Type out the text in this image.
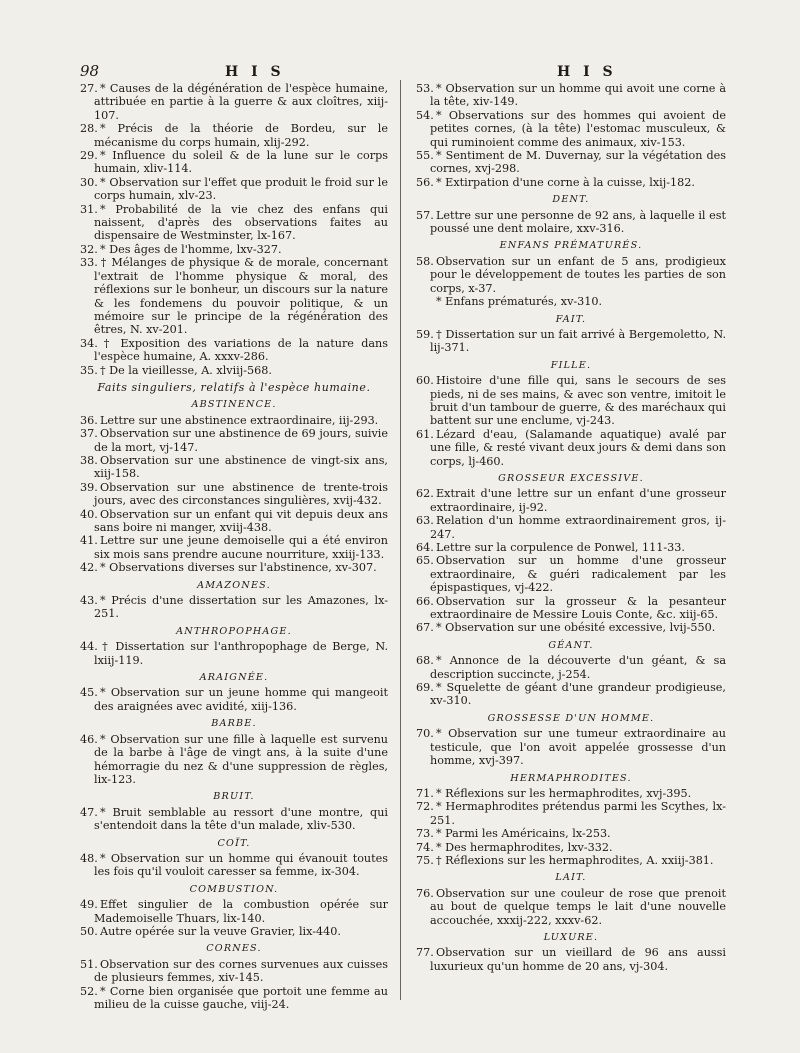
98	H I S	H I S

27. * Causes de la dégénération de l'espèce humaine, attribuée en partie à la guerre & aux cloîtres, xiij-107.

28. * Précis de la théorie de Bordeu, sur le mécanisme du corps humain, xlij-292.

29. * Influence du soleil & de la lune sur le corps humain, xliv-114.

30. * Observation sur l'effet que produit le froid sur le corps humain, xlv-23.

31. * Probabilité de la vie chez des enfans qui naissent, d'après des observations faites au dispensaire de Westminster, lx-167.

32. * Des âges de l'homme, lxv-327.

33. † Mélanges de physique & de morale, concernant l'extrait de l'homme physique & moral, des réflexions sur le bonheur, un discours sur la nature & les fondemens du pouvoir politique, & un mémoire sur le principe de la régénération des êtres, N. xv-201.

34. † Exposition des variations de la nature dans l'espèce humaine, A. xxxv-286.

35. † De la vieillesse, A. xlviij-568.

Faits singuliers, relatifs à l'espèce humaine.
ABSTINENCE.

36. Lettre sur une abstinence extraordinaire, iij-293.

37. Observation sur une abstinence de 69 jours, suivie de la mort, vj-147.

38. Observation sur une abstinence de vingt-six ans, xiij-158.

39. Observation sur une abstinence de trente-trois jours, avec des circonstances singulières, xvij-432.

40. Observation sur un enfant qui vit depuis deux ans sans boire ni manger, xviij-438.

41. Lettre sur une jeune demoiselle qui a été environ six mois sans prendre aucune nourriture, xxiij-133.

42. * Observations diverses sur l'abstinence, xv-307.

AMAZONES.

43. * Précis d'une dissertation sur les Amazones, lx-251.

ANTHROPOPHAGE.

44. † Dissertation sur l'anthropophage de Berge, N. lxiij-119.

ARAIGNÉE.

45. * Observation sur un jeune homme qui mangeoit des araignées avec avidité, xiij-136.

BARBE.

46. * Observation sur une fille à laquelle est survenu de la barbe à l'âge de vingt ans, à la suite d'une hémorragie du nez & d'une suppression de règles, lix-123.

BRUIT.

47. * Bruit semblable au ressort d'une montre, qui s'entendoit dans la tête d'un malade, xliv-530.

COÏT.

48. * Observation sur un homme qui évanouit toutes les fois qu'il vouloit caresser sa femme, ix-304.

COMBUSTION.

49. Effet singulier de la combustion opérée sur Mademoiselle Thuars, lix-140.

50. Autre opérée sur la veuve Gravier, lix-440.

CORNES.

51. Observation sur des cornes survenues aux cuisses de plusieurs femmes, xiv-145.

52. * Corne bien organisée que portoit une femme au milieu de la cuisse gauche, viij-24.

53. * Observation sur un homme qui avoit une corne à la tête, xiv-149.

54. * Observations sur des hommes qui avoient de petites cornes, (à la tête) l'estomac musculeux, & qui ruminoient comme des animaux, xiv-153.

55. * Sentiment de M. Duvernay, sur la végétation des cornes, xvj-298.

56. * Extirpation d'une corne à la cuisse, lxij-182.

DENT.

57. Lettre sur une personne de 92 ans, à laquelle il est poussé une dent molaire, xxv-316.

ENFANS PRÉMATURÉS.

58. Observation sur un enfant de 5 ans, prodigieux pour le développement de toutes les parties de son corps, x-37.

* Enfans prématurés, xv-310.

FAIT.

59. † Dissertation sur un fait arrivé à Bergemoletto, N. lij-371.

FILLE.

60. Histoire d'une fille qui, sans le secours de ses pieds, ni de ses mains, & avec son ventre, imitoit le bruit d'un tambour de guerre, & des maréchaux qui battent sur une enclume, vj-243.

61. Lézard d'eau, (Salamande aquatique) avalé par une fille, & resté vivant deux jours & demi dans son corps, lj-460.

GROSSEUR EXCESSIVE.

62. Extrait d'une lettre sur un enfant d'une grosseur extraordinaire, ij-92.

63. Relation d'un homme extraordinairement gros, ij-247.

64. Lettre sur la corpulence de Ponwel, 111-33.

65. Observation sur un homme d'une grosseur extraordinaire, & guéri radicalement par les épispastiques, vj-422.

66. Observation sur la grosseur & la pesanteur extraordinaire de Messire Louis Conte, &c. xiij-65.

67. * Observation sur une obésité excessive, lvij-550.

GÉANT.

68. * Annonce de la découverte d'un géant, & sa description succincte, j-254.

69. * Squelette de géant d'une grandeur prodigieuse, xv-310.

GROSSESSE D'UN HOMME.

70. * Observation sur une tumeur extraordinaire au testicule, que l'on avoit appelée grossesse d'un homme, xvj-397.

HERMAPHRODITES.

71. * Réflexions sur les hermaphrodites, xvj-395.

72. * Hermaphrodites prétendus parmi les Scythes, lx-251.

73. * Parmi les Américains, lx-253.

74. * Des hermaphrodites, lxv-332.

75. † Réflexions sur les hermaphrodites, A. xxiij-381.

LAIT.

76. Observation sur une couleur de rose que prenoit au bout de quelque temps le lait d'une nouvelle accouchée, xxxij-222, xxxv-62.

LUXURE.

77. Observation sur un vieillard de 96 ans aussi luxurieux qu'un homme de 20 ans, vj-304.
